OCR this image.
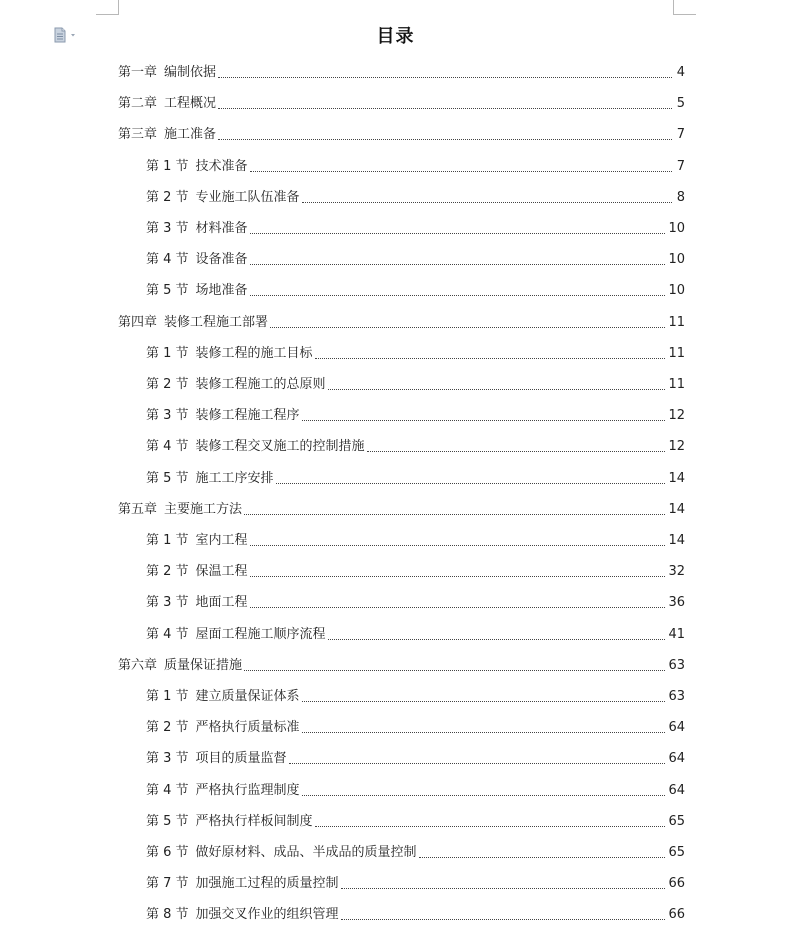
目录
第一章 编制依据	4
第二章 工程概况	5
第三章 施工准备	7
第 1 节 技术准备	7
第 2 节 专业施工队伍准备	8
第 3 节 材料准备	10
第 4 节 设备准备	10
第 5 节 场地准备	10
第四章 装修工程施工部署	11
第 1 节 装修工程的施工目标	11
第 2 节 装修工程施工的总原则	11
第 3 节 装修工程施工程序	12
第 4 节 装修工程交叉施工的控制措施	12
第 5 节 施工工序安排	14
第五章 主要施工方法	14
第 1 节 室内工程	14
第 2 节 保温工程	32
第 3 节 地面工程	36
第 4 节 屋面工程施工顺序流程	41
第六章 质量保证措施	63
第 1 节 建立质量保证体系	63
第 2 节 严格执行质量标准	64
第 3 节 项目的质量监督	64
第 4 节 严格执行监理制度	64
第 5 节 严格执行样板间制度	65
第 6 节 做好原材料、成品、半成品的质量控制	65
第 7 节 加强施工过程的质量控制	66
第 8 节 加强交叉作业的组织管理	66
